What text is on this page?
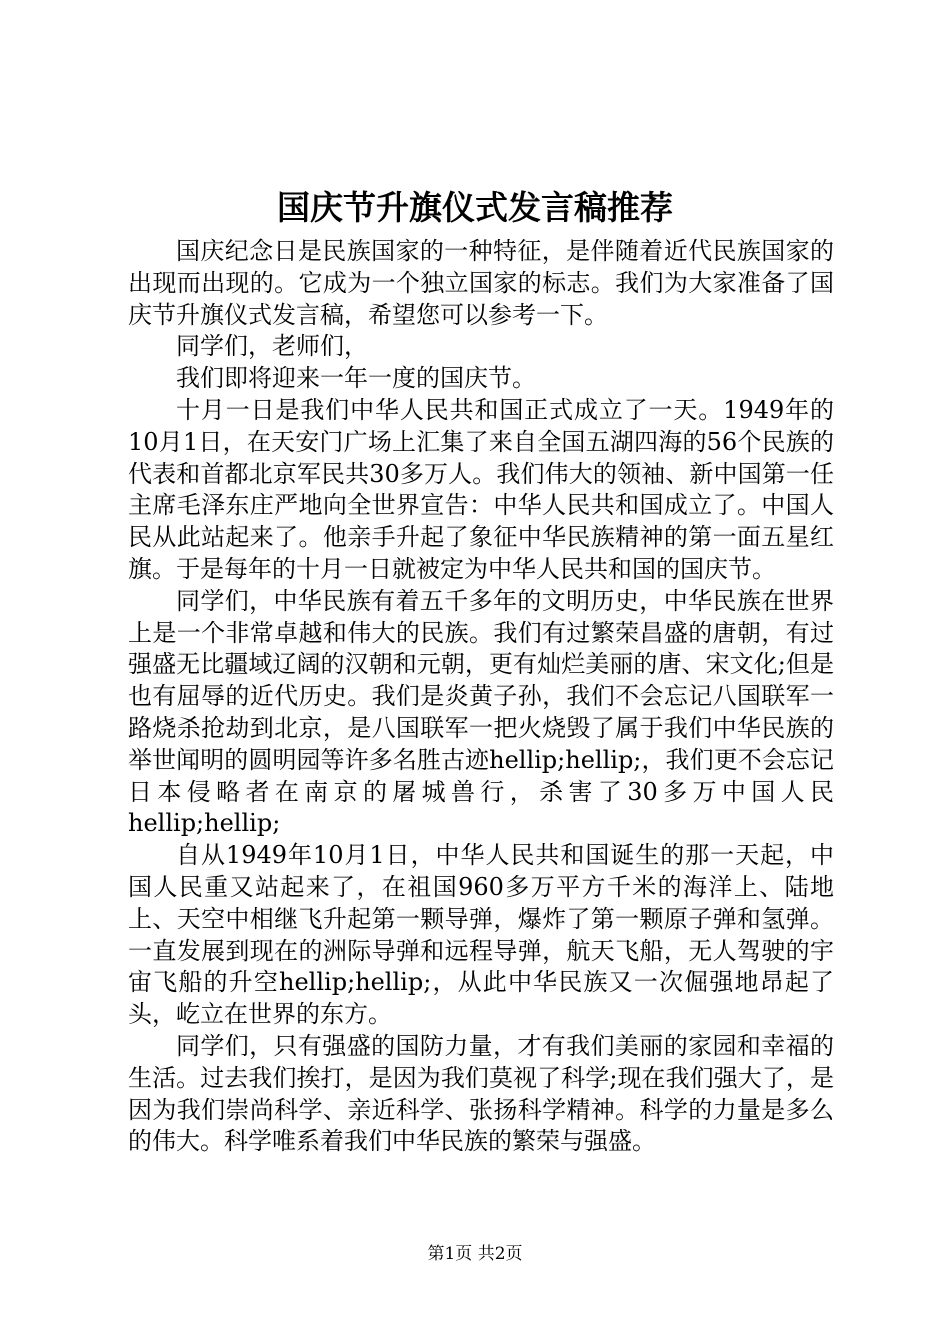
国庆节升旗仪式发言稿推荐

国庆纪念日是民族国家的一种特征，是伴随着近代民族国家的出现而出现的。它成为一个独立国家的标志。我们为大家准备了国庆节升旗仪式发言稿，希望您可以参考一下。

同学们，老师们，

我们即将迎来一年一度的国庆节。

十月一日是我们中华人民共和国正式成立了一天。1949年的10月1日，在天安门广场上汇集了来自全国五湖四海的56个民族的代表和首都北京军民共30多万人。我们伟大的领袖、新中国第一任主席毛泽东庄严地向全世界宣告：中华人民共和国成立了。中国人民从此站起来了。他亲手升起了象征中华民族精神的第一面五星红旗。于是每年的十月一日就被定为中华人民共和国的国庆节。

同学们，中华民族有着五千多年的文明历史，中华民族在世界上是一个非常卓越和伟大的民族。我们有过繁荣昌盛的唐朝，有过强盛无比疆域辽阔的汉朝和元朝，更有灿烂美丽的唐、宋文化;但是也有屈辱的近代历史。我们是炎黄子孙，我们不会忘记八国联军一路烧杀抢劫到北京，是八国联军一把火烧毁了属于我们中华民族的举世闻明的圆明园等许多名胜古迹hellip;hellip;，我们更不会忘记日本侵略者在南京的屠城兽行，杀害了30多万中国人民hellip;hellip;

自从1949年10月1日，中华人民共和国诞生的那一天起，中国人民重又站起来了，在祖国960多万平方千米的海洋上、陆地上、天空中相继飞升起第一颗导弹，爆炸了第一颗原子弹和氢弹。一直发展到现在的洲际导弹和远程导弹，航天飞船，无人驾驶的宇宙飞船的升空hellip;hellip;，从此中华民族又一次倔强地昂起了头，屹立在世界的东方。

同学们，只有强盛的国防力量，才有我们美丽的家园和幸福的生活。过去我们挨打，是因为我们莫视了科学;现在我们强大了，是因为我们崇尚科学、亲近科学、张扬科学精神。科学的力量是多么的伟大。科学唯系着我们中华民族的繁荣与强盛。

第1页 共2页
